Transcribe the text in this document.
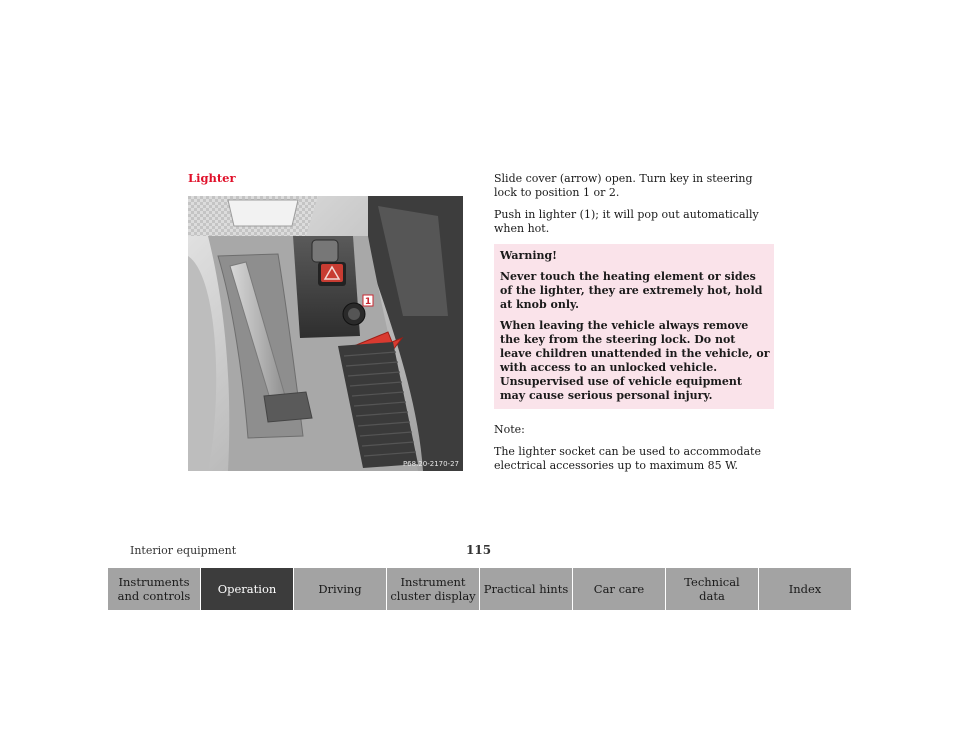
Lighter
1
P68.20-2170-27

Slide cover (arrow) open. Turn key in steering lock to position 1 or 2.

Push in lighter (1); it will pop out automatically when hot.

Warning!

Never touch the heating element or sides of the lighter, they are extremely hot, hold at knob only.

When leaving the vehicle always remove the key from the steering lock. Do not leave children unattended in the vehicle, or with access to an unlocked vehicle. Unsupervised use of vehicle equipment may cause serious personal injury.

Note:

The lighter socket can be used to accommodate electrical accessories up to maximum 85 W.

Interior equipment	115
Instruments
and controls	Operation	Driving	Instrument
cluster display Practical hints	Car care	Technical
data	Index
